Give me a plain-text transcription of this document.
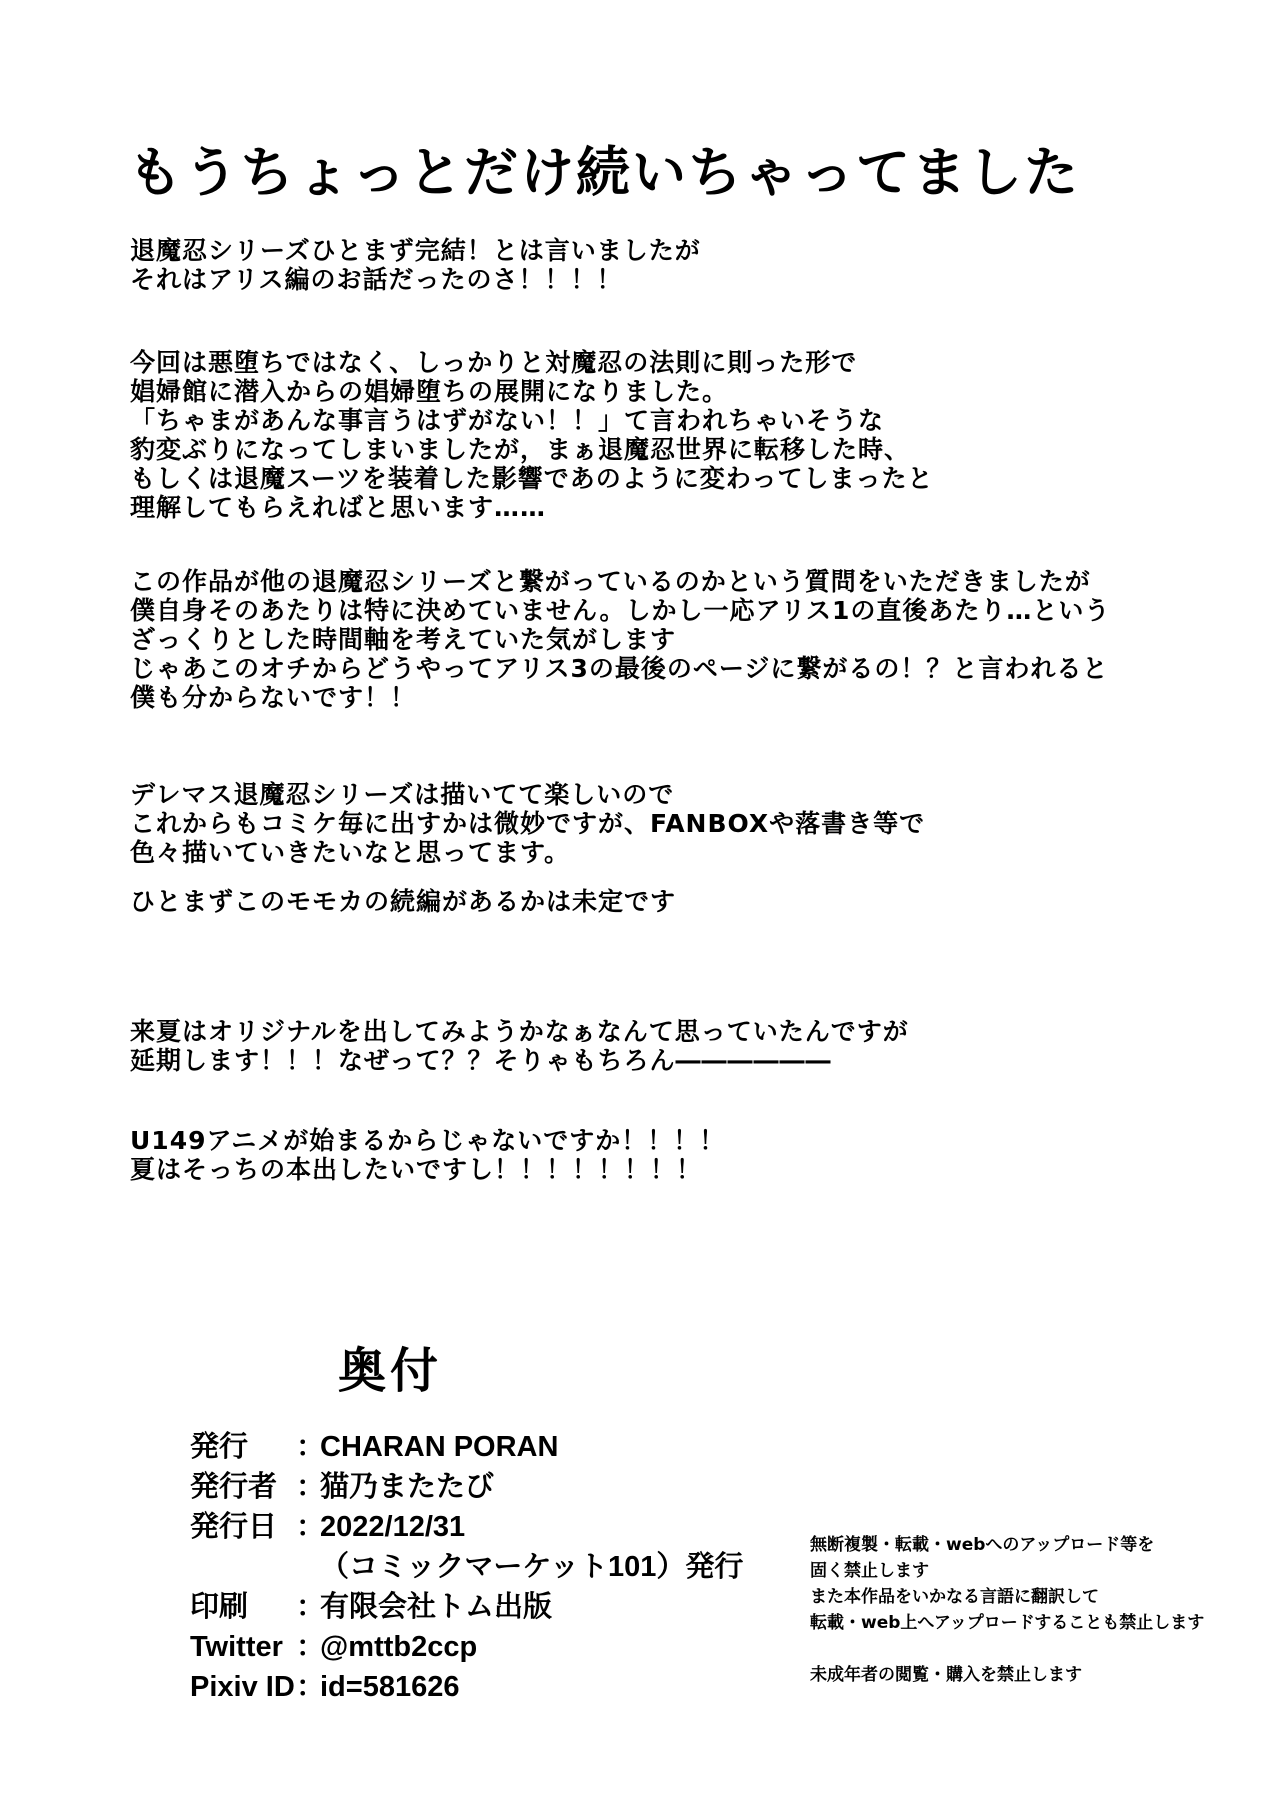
もうちょっとだけ続いちゃってました
退魔忍シリーズひとまず完結！とは言いましたが
それはアリス編のお話だったのさ！！！！
今回は悪堕ちではなく、しっかりと対魔忍の法則に則った形で
娼婦館に潜入からの娼婦堕ちの展開になりました。
「ちゃまがあんな事言うはずがない！！」て言われちゃいそうな
豹変ぶりになってしまいましたが，まぁ退魔忍世界に転移した時、
もしくは退魔スーツを装着した影響であのように変わってしまったと
理解してもらえればと思います……
この作品が他の退魔忍シリーズと繋がっているのかという質問をいただきましたが
僕自身そのあたりは特に決めていません。しかし一応アリス1の直後あたり…という
ざっくりとした時間軸を考えていた気がします
じゃあこのオチからどうやってアリス3の最後のページに繋がるの！？と言われると
僕も分からないです！！
デレマス退魔忍シリーズは描いてて楽しいので
これからもコミケ毎に出すかは微妙ですが、FANBOXや落書き等で
色々描いていきたいなと思ってます。
ひとまずこのモモカの続編があるかは未定です
来夏はオリジナルを出してみようかなぁなんて思っていたんですが
延期します！！！なぜって？？そりゃもちろん――――――
U149アニメが始まるからじゃないですか！！！！
夏はそっちの本出したいですし！！！！！！！！
奥付
発行	：
CHARAN PORAN
発行者 ：
猫乃またたび
発行日 ：
2022/12/31
（コミックマーケット101）発行
印刷	：
有限会社トム出版
Twitter ：
@mttb2ccp
Pixiv ID ：
id=581626
無断複製・転載・webへのアップロード等を
固く禁止します
また本作品をいかなる言語に翻訳して
転載・web上へアップロードすることも禁止します
未成年者の閲覧・購入を禁止します
